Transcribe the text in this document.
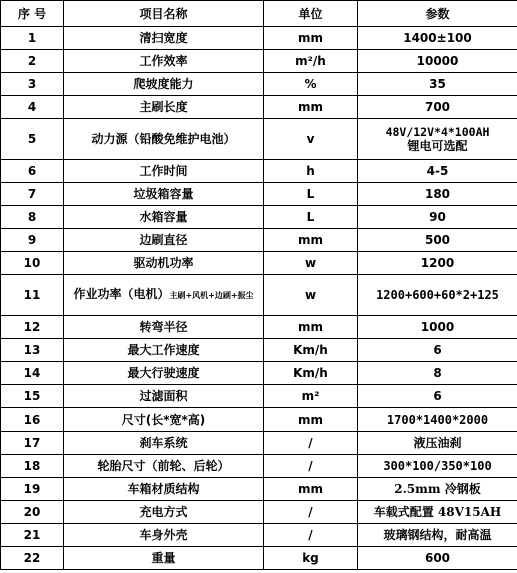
序 号	项目名称	单位	参数
1	清扫宽度	mm	1400±100
2	工作效率	m²/h	10000
3	爬坡度能力	%	35
4	主刷长度	mm	700
5	动力源（铅酸免维护电池）	v	48V/12V*4*100AH
锂电可选配

6	工作时间	h	4-5
7	垃圾箱容量	L	180
8	水箱容量	L	90
9	边刷直径	mm	500
10	驱动机功率	w	1200
11	作业功率（电机）主刷+风机+边刷+振尘	w	1200+600+60*2+125
12	转弯半径	mm	1000
13	最大工作速度	Km/h	6
14	最大行驶速度	Km/h	8
15	过滤面积	m²	6
16	尺寸(长*宽*高)	mm	1700*1400*2000
17	刹车系统	/	液压油刹
18	轮胎尺寸（前轮、后轮）	/	300*100/350*100
19	车箱材质结构	mm	2.5mm 冷钢板
20	充电方式	/	车载式配置 48V15AH
21	车身外壳	/	玻璃钢结构，耐高温
22	重量	kg	600
